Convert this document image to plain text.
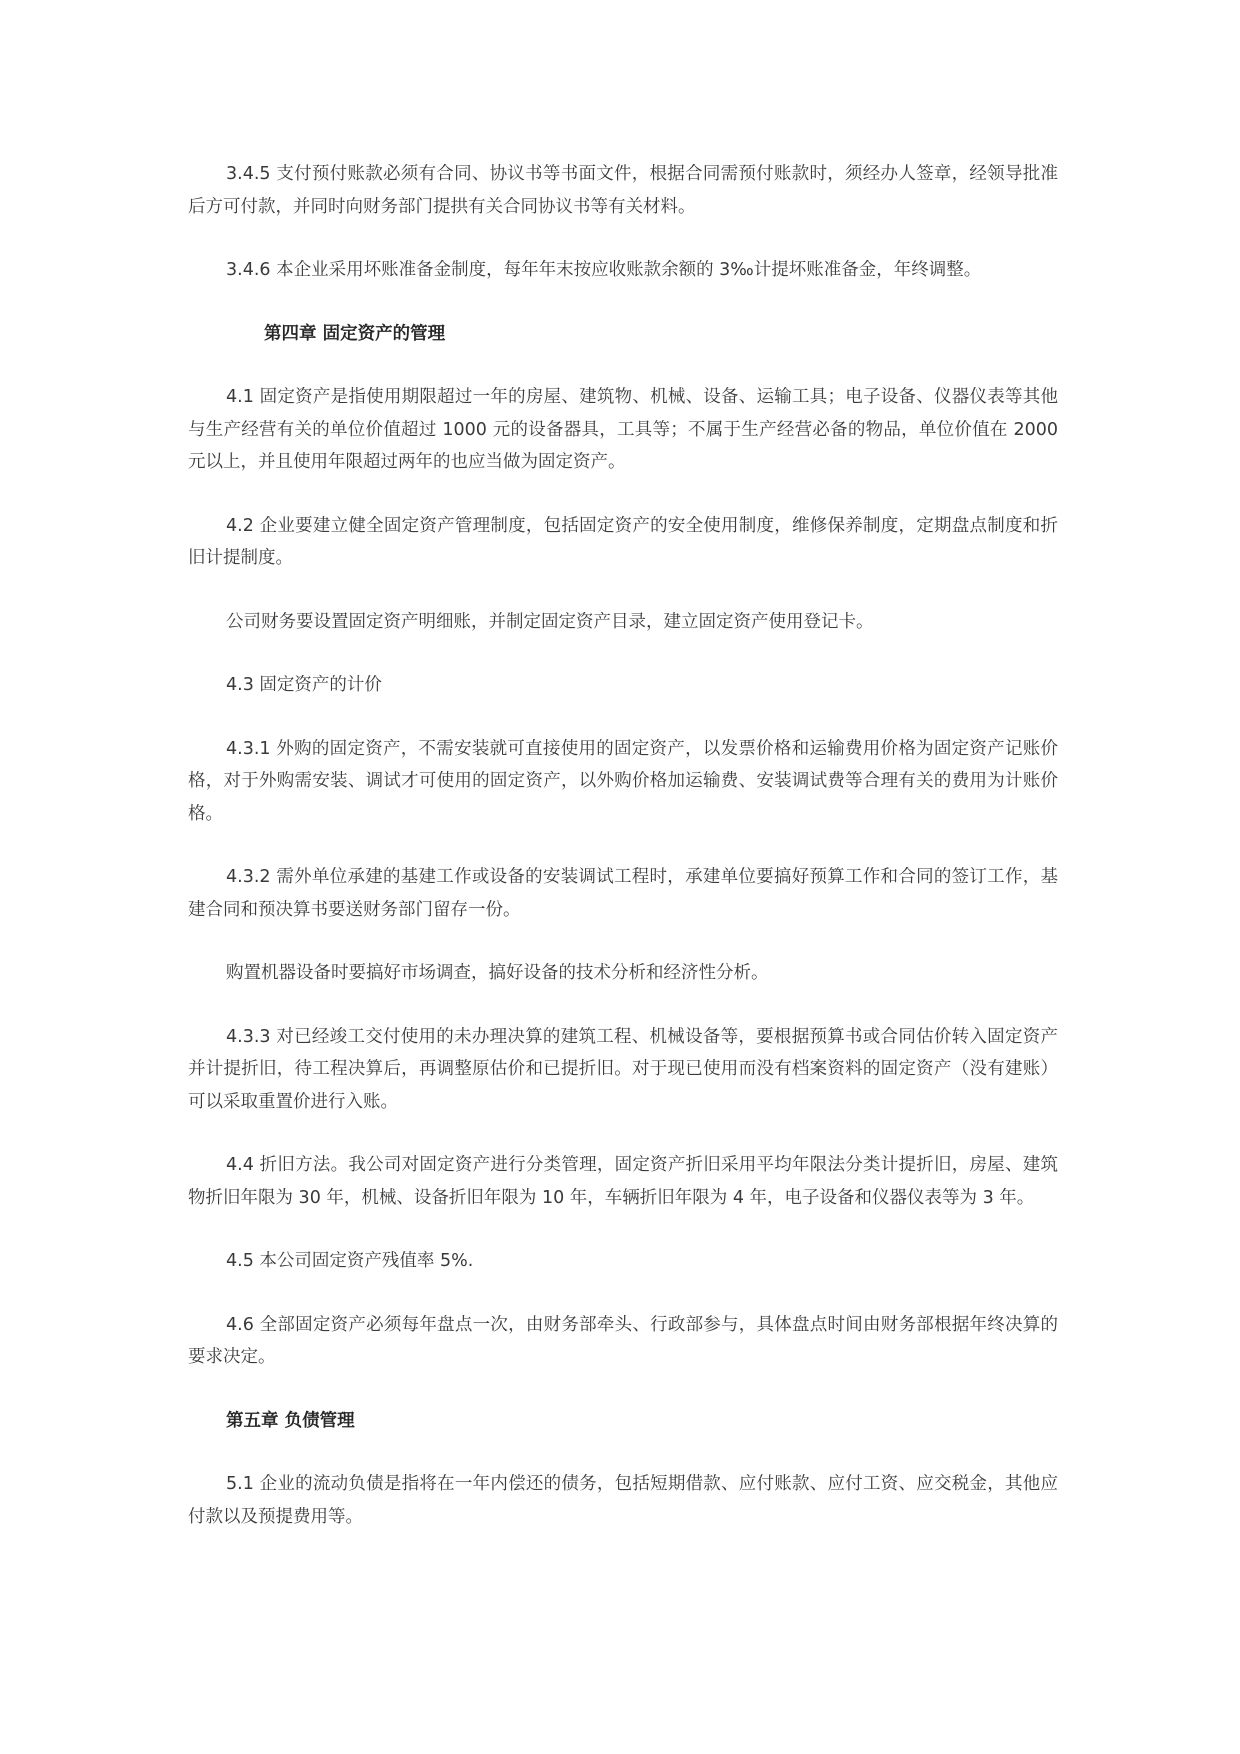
3.4.5 支付预付账款必须有合同、协议书等书面文件，根据合同需预付账款时，须经办人签章，经领导批准后方可付款，并同时向财务部门提拱有关合同协议书等有关材料。

3.4.6 本企业采用坏账准备金制度，每年年末按应收账款余额的 3‰计提坏账准备金，年终调整。

第四章 固定资产的管理

4.1 固定资产是指使用期限超过一年的房屋、建筑物、机械、设备、运输工具；电子设备、仪器仪表等其他与生产经营有关的单位价值超过 1000 元的设备器具，工具等；不属于生产经营必备的物品，单位价值在 2000 元以上，并且使用年限超过两年的也应当做为固定资产。

4.2 企业要建立健全固定资产管理制度，包括固定资产的安全使用制度，维修保养制度，定期盘点制度和折旧计提制度。

公司财务要设置固定资产明细账，并制定固定资产目录，建立固定资产使用登记卡。

4.3 固定资产的计价

4.3.1 外购的固定资产，不需安装就可直接使用的固定资产，以发票价格和运输费用价格为固定资产记账价格，对于外购需安装、调试才可使用的固定资产，以外购价格加运输费、安装调试费等合理有关的费用为计账价格。

4.3.2 需外单位承建的基建工作或设备的安装调试工程时，承建单位要搞好预算工作和合同的签订工作，基建合同和预决算书要送财务部门留存一份。

购置机器设备时要搞好市场调查，搞好设备的技术分析和经济性分析。

4.3.3 对已经竣工交付使用的未办理决算的建筑工程、机械设备等，要根据预算书或合同估价转入固定资产并计提折旧，待工程决算后，再调整原估价和已提折旧。对于现已使用而没有档案资料的固定资产（没有建账）可以采取重置价进行入账。

4.4 折旧方法。我公司对固定资产进行分类管理，固定资产折旧采用平均年限法分类计提折旧，房屋、建筑物折旧年限为 30 年，机械、设备折旧年限为 10 年，车辆折旧年限为 4 年，电子设备和仪器仪表等为 3 年。

4.5 本公司固定资产残值率 5%.

4.6 全部固定资产必须每年盘点一次，由财务部牵头、行政部参与，具体盘点时间由财务部根据年终决算的要求决定。

第五章 负债管理

5.1 企业的流动负债是指将在一年内偿还的债务，包括短期借款、应付账款、应付工资、应交税金，其他应付款以及预提费用等。
